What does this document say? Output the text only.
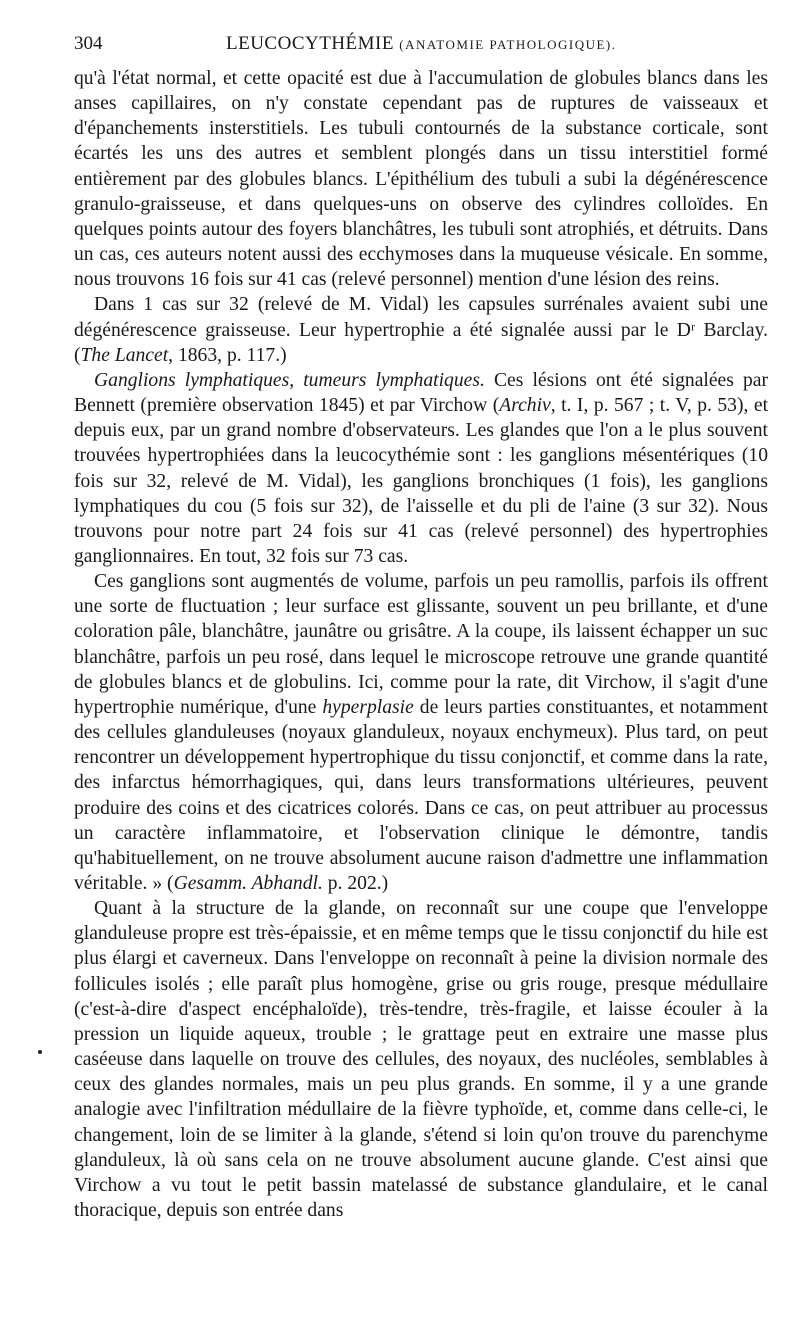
304	LEUCOCYTHÉMIE (ANATOMIE PATHOLOGIQUE).

qu'à l'état normal, et cette opacité est due à l'accumulation de globules blancs dans les anses capillaires, on n'y constate cependant pas de ruptures de vaisseaux et d'épanchements insterstitiels. Les tubuli contournés de la substance corticale, sont écartés les uns des autres et semblent plongés dans un tissu interstitiel formé entièrement par des globules blancs. L'épithélium des tubuli a subi la dégénérescence granulo-graisseuse, et dans quelques-uns on observe des cylindres colloïdes. En quelques points autour des foyers blanchâtres, les tubuli sont atrophiés, et détruits. Dans un cas, ces auteurs notent aussi des ecchymoses dans la muqueuse vésicale. En somme, nous trouvons 16 fois sur 41 cas (relevé personnel) mention d'une lésion des reins.

Dans 1 cas sur 32 (relevé de M. Vidal) les capsules surrénales avaient subi une dégénérescence graisseuse. Leur hypertrophie a été signalée aussi par le Dʳ Barclay. (The Lancet, 1863, p. 117.)

Ganglions lymphatiques, tumeurs lymphatiques. Ces lésions ont été signalées par Bennett (première observation 1845) et par Virchow (Archiv, t. I, p. 567 ; t. V, p. 53), et depuis eux, par un grand nombre d'observateurs. Les glandes que l'on a le plus souvent trouvées hypertrophiées dans la leucocythémie sont : les ganglions mésentériques (10 fois sur 32, relevé de M. Vidal), les ganglions bronchiques (1 fois), les ganglions lymphatiques du cou (5 fois sur 32), de l'aisselle et du pli de l'aine (3 sur 32). Nous trouvons pour notre part 24 fois sur 41 cas (relevé personnel) des hypertrophies ganglionnaires. En tout, 32 fois sur 73 cas.

Ces ganglions sont augmentés de volume, parfois un peu ramollis, parfois ils offrent une sorte de fluctuation ; leur surface est glissante, souvent un peu brillante, et d'une coloration pâle, blanchâtre, jaunâtre ou grisâtre. A la coupe, ils laissent échapper un suc blanchâtre, parfois un peu rosé, dans lequel le microscope retrouve une grande quantité de globules blancs et de globulins. Ici, comme pour la rate, dit Virchow, il s'agit d'une hypertrophie numérique, d'une hyperplasie de leurs parties constituantes, et notamment des cellules glanduleuses (noyaux glanduleux, noyaux enchymeux). Plus tard, on peut rencontrer un développement hypertrophique du tissu conjonctif, et comme dans la rate, des infarctus hémorrhagiques, qui, dans leurs transformations ultérieures, peuvent produire des coins et des cicatrices colorés. Dans ce cas, on peut attribuer au processus un caractère inflammatoire, et l'observation clinique le démontre, tandis qu'habituellement, on ne trouve absolument aucune raison d'admettre une inflammation véritable. » (Gesamm. Abhandl. p. 202.)

Quant à la structure de la glande, on reconnaît sur une coupe que l'enveloppe glanduleuse propre est très-épaissie, et en même temps que le tissu conjonctif du hile est plus élargi et caverneux. Dans l'enveloppe on reconnaît à peine la division normale des follicules isolés ; elle paraît plus homogène, grise ou gris rouge, presque médullaire (c'est-à-dire d'aspect encéphaloïde), très-tendre, très-fragile, et laisse écouler à la pression un liquide aqueux, trouble ; le grattage peut en extraire une masse plus caséeuse dans laquelle on trouve des cellules, des noyaux, des nucléoles, semblables à ceux des glandes normales, mais un peu plus grands. En somme, il y a une grande analogie avec l'infiltration médullaire de la fièvre typhoïde, et, comme dans celle-ci, le changement, loin de se limiter à la glande, s'étend si loin qu'on trouve du parenchyme glanduleux, là où sans cela on ne trouve absolument aucune glande. C'est ainsi que Virchow a vu tout le petit bassin matelassé de substance glandulaire, et le canal thoracique, depuis son entrée dans
